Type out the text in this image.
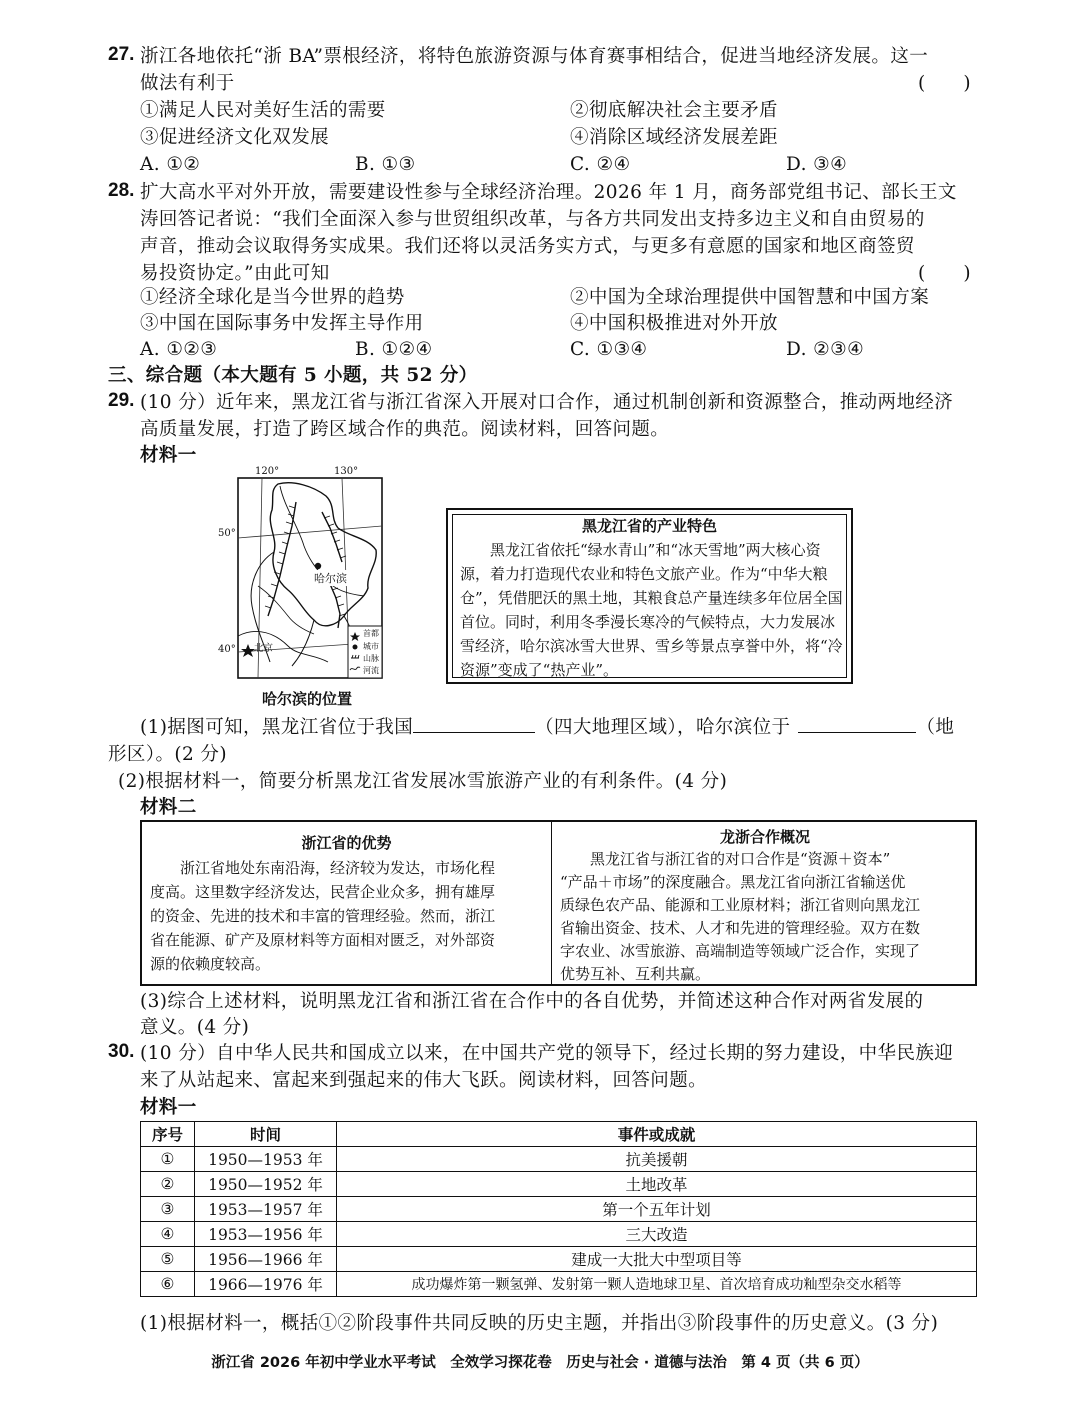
27. 浙江各地依托“浙 BA”票根经济，将特色旅游资源与体育赛事相结合，促进当地经济发展。这一
做法有利于	(　　)
①满足人民对美好生活的需要	②彻底解决社会主要矛盾
③促进经济文化双发展	④消除区域经济发展差距
A. ①②	B. ①③	C. ②④	D. ③④
28. 扩大高水平对外开放，需要建设性参与全球经济治理。2026 年 1 月，商务部党组书记、部长王文
涛回答记者说：“我们全面深入参与世贸组织改革，与各方共同发出支持多边主义和自由贸易的
声音，推动会议取得务实成果。我们还将以灵活务实方式，与更多有意愿的国家和地区商签贸
易投资协定。”由此可知	(　　)
①经济全球化是当今世界的趋势	②中国为全球治理提供中国智慧和中国方案
③中国在国际事务中发挥主导作用	④中国积极推进对外开放
A. ①②③	B. ①②④	C. ①③④	D. ②③④
三、综合题（本大题有 5 小题，共 52 分）
29. (10 分）近年来，黑龙江省与浙江省深入开展对口合作，通过机制创新和资源整合，推动两地经济
高质量发展，打造了跨区域合作的典范。阅读材料，回答问题。
材料一
120°	130°
50°
40°
哈尔滨
北京
首都
城市
山脉
河流
哈尔滨的位置
黑龙江省的产业特色
　　黑龙江省依托“绿水青山”和“冰天雪地”两大核心资
源，着力打造现代农业和特色文旅产业。作为“中华大粮
仓”，凭借肥沃的黑土地，其粮食总产量连续多年位居全国
首位。同时，利用冬季漫长寒冷的气候特点，大力发展冰
雪经济，哈尔滨冰雪大世界、雪乡等景点享誉中外，将“冷
资源”变成了“热产业”。
(1)据图可知，黑龙江省位于我国	（四大地理区域），哈尔滨位于	（地
形区）。(2 分)
(2)根据材料一，简要分析黑龙江省发展冰雪旅游产业的有利条件。(4 分)
材料二
浙江省的优势
　　浙江省地处东南沿海，经济较为发达，市场化程
度高。这里数字经济发达，民营企业众多，拥有雄厚
的资金、先进的技术和丰富的管理经验。然而，浙江
省在能源、矿产及原材料等方面相对匮乏，对外部资
源的依赖度较高。
龙浙合作概况
　　黑龙江省与浙江省的对口合作是“资源＋资本”
“产品＋市场”的深度融合。黑龙江省向浙江省输送优
质绿色农产品、能源和工业原材料；浙江省则向黑龙江
省输出资金、技术、人才和先进的管理经验。双方在数
字农业、冰雪旅游、高端制造等领域广泛合作，实现了
优势互补、互利共赢。
(3)综合上述材料，说明黑龙江省和浙江省在合作中的各自优势，并简述这种合作对两省发展的
意义。(4 分)
30. (10 分）自中华人民共和国成立以来，在中国共产党的领导下，经过长期的努力建设，中华民族迎
来了从站起来、富起来到强起来的伟大飞跃。阅读材料，回答问题。
材料一
序号	时间	事件或成就
①	1950—1953 年	抗美援朝
②	1950—1952 年	土地改革
③	1953—1957 年	第一个五年计划
④	1953—1956 年	三大改造
⑤	1956—1966 年	建成一大批大中型项目等
⑥	1966—1976 年	成功爆炸第一颗氢弹、发射第一颗人造地球卫星、首次培育成功籼型杂交水稻等
(1)根据材料一，概括①②阶段事件共同反映的历史主题，并指出③阶段事件的历史意义。(3 分)
浙江省 2026 年初中学业水平考试　全效学习探花卷　历史与社会 · 道德与法治　第 4 页（共 6 页）
